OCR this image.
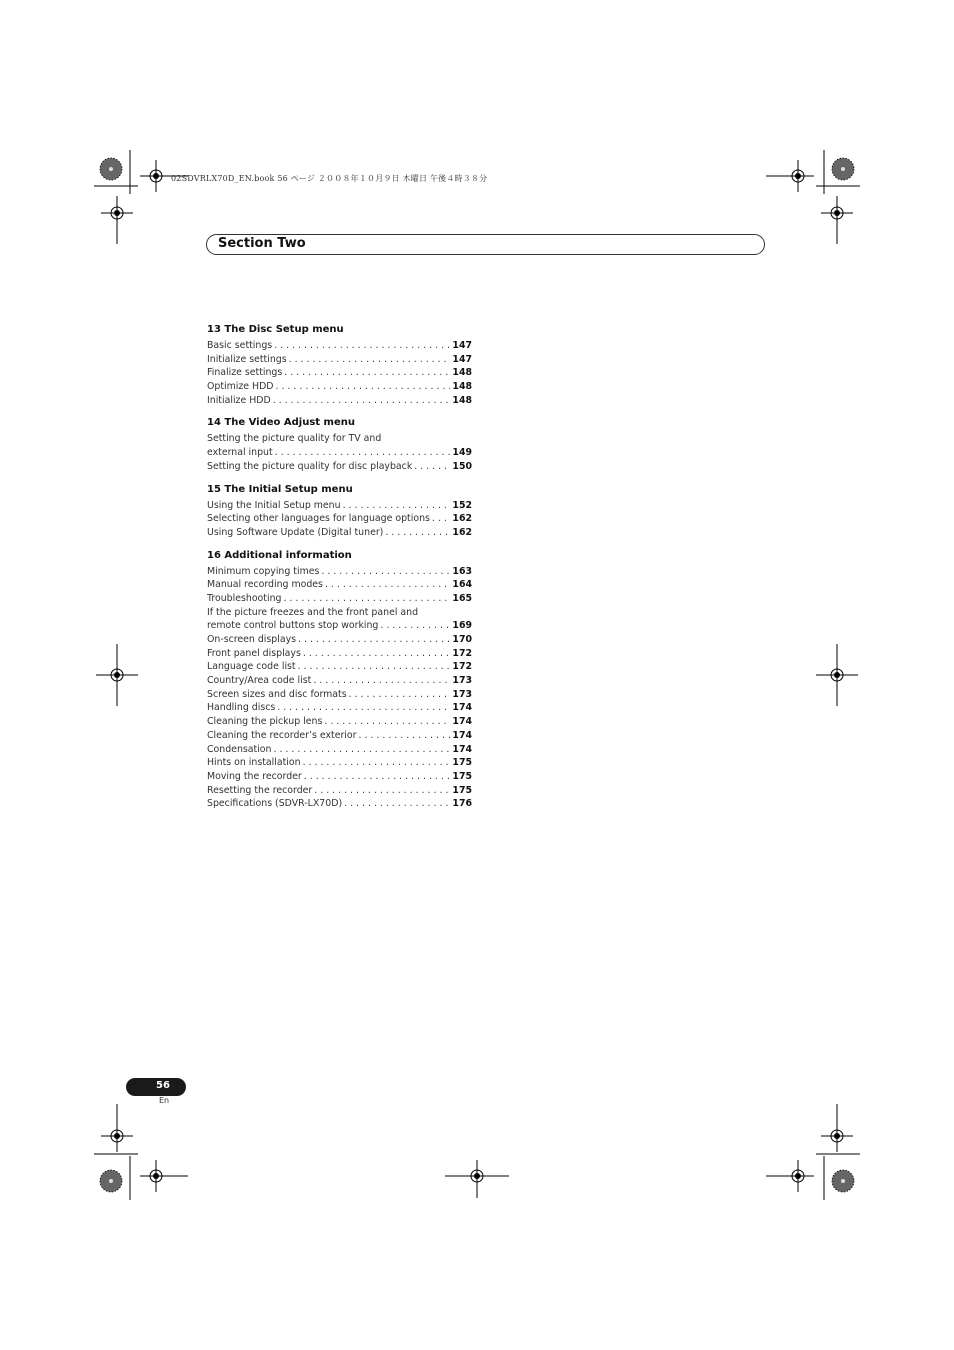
02SDVRLX70D_EN.book 56 ページ ２００８年１０月９日 木曜日 午後４時３８分
Section Two
13 The Disc Setup menu
Basic settings . . .	147
Initialize settings . . .	147
Finalize settings . . .	148
Optimize HDD . . .	148
Initialize HDD . . .	148
14 The Video Adjust menu
Setting the picture quality for TV and
external input . . .	149
Setting the picture quality for disc playback . . .	150
15 The Initial Setup menu
Using the Initial Setup menu . . .	152
Selecting other languages for language options . . . 162
Using Software Update (Digital tuner) . . .	162
16 Additional information
Minimum copying times . . .	163
Manual recording modes . . .	164
Troubleshooting . . .	165
If the picture freezes and the front panel and
remote control buttons stop working . . .	169
On-screen displays . . .	170
Front panel displays . . .	172
Language code list . . .	172
Country/Area code list . . .	173
Screen sizes and disc formats . . .	173
Handling discs . . .	174
Cleaning the pickup lens . . .	174
Cleaning the recorder’s exterior . . .	174
Condensation . . .	174
Hints on installation . . .	175
Moving the recorder . . .	175
Resetting the recorder . . .	175
Specifications (SDVR-LX70D) . . .	176
56
En
